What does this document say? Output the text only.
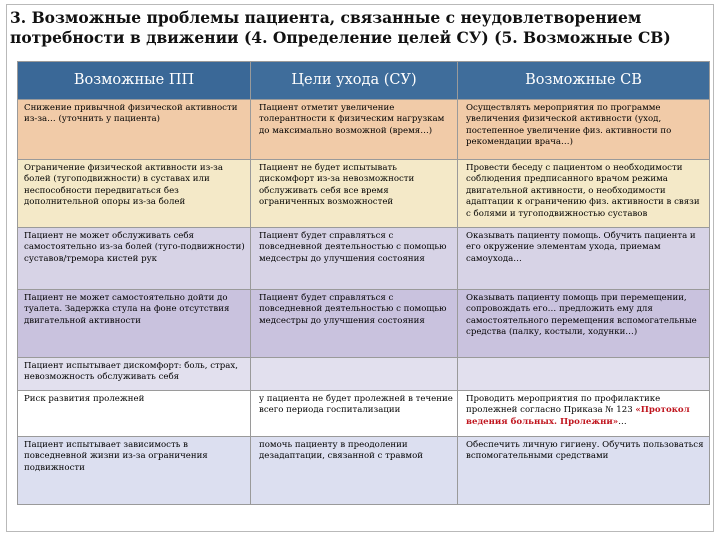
3. Возможные проблемы пациента, связанные с неудовлетворением потребности в движении (4. Определение целей СУ) (5. Возможные СВ)
Возможные ПП	Цели ухода (СУ)	Возможные СВ
Снижение привычной физической активности из-за… (уточнить у пациента)	Пациент отметит увеличение толерантности к физическим нагрузкам до максимально возможной (время…)	Осуществлять мероприятия по программе увеличения физической активности (уход, постепенное увеличение физ. активности по рекомендации врача…)
Ограничение физической активности из-за болей (тугоподвижности) в суставах или неспособности передвигаться без дополнительной опоры из-за болей	Пациент не будет испытывать дискомфорт из-за невозможности обслуживать себя все время ограниченных возможностей	Провести беседу с пациентом о необходимости соблюдения предписанного врачом режима двигательной активности, о необходимости адаптации к ограничению физ. активности в связи с болями и тугоподвижностью суставов
Пациент не может обслуживать себя самостоятельно из-за болей (туго-подвижности) суставов/тремора кистей рук	Пациент будет справляться с повседневной деятельностью с помощью медсестры до улучшения состояния	Оказывать пациенту помощь. Обучить пациента и его окружение элементам ухода, приемам самоухода…
Пациент не может самостоятельно дойти до туалета. Задержка стула на фоне отсутствия двигательной активности	Пациент будет справляться с повседневной деятельностью с помощью медсестры до улучшения состояния	Оказывать пациенту помощь при перемещении, сопровождать его… предложить ему для самостоятельного перемещения вспомогательные средства (палку, костыли, ходунки…)
Пациент испытывает дискомфорт: боль, страх, невозможность обслуживать себя		
Риск развития пролежней	у пациента не будет пролежней в течение всего периода госпитализации	Проводить мероприятия по профилактике пролежней согласно Приказа № 123 «Протокол ведения больных. Пролежни»…
Пациент испытывает зависимость в повседневной жизни из-за ограничения подвижности	помочь пациенту в преодолении дезадаптации, связанной с травмой	Обеспечить личную гигиену. Обучить пользоваться вспомогательными средствами
